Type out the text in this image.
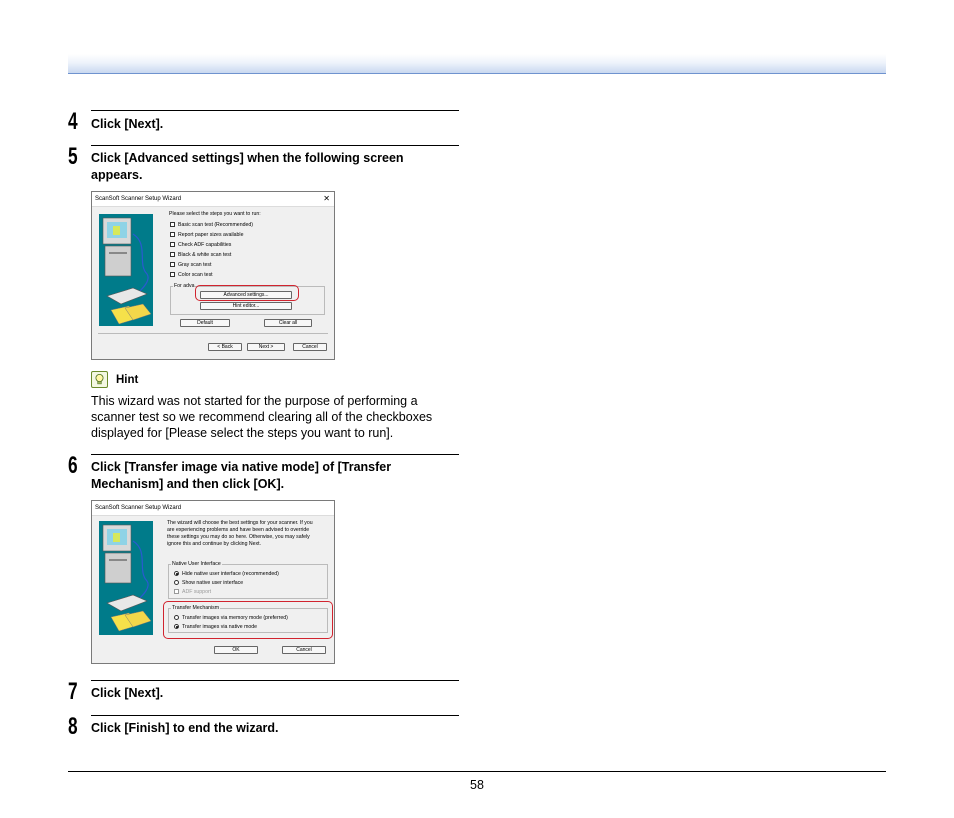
4 Click [Next].
5 Click [Advanced settings] when the following screen appears.
ScanSoft Scanner Setup Wizard	✕
Please select the steps you want to run:
Basic scan test (Recommended)
Report paper sizes available
Check ADF capabilities
Black & white scan test
Gray scan test
Color scan test
For adva
Advanced settings...
Hint editor...
Default	Clear all
< Back	Next >	Cancel
Hint
This wizard was not started for the purpose of performing a scanner test so we recommend clearing all of the checkboxes displayed for [Please select the steps you want to run].
6 Click [Transfer image via native mode] of [Transfer Mechanism] and then click [OK].
ScanSoft Scanner Setup Wizard
The wizard will choose the best settings for your scanner. If you
are experiencing problems and have been advised to override
these settings you may do so here. Otherwise, you may safely
ignore this and continue by clicking Next.
Native User Interface
Hide native user interface (recommended)
Show native user interface
ADF support
Transfer Mechanism
Transfer images via memory mode (preferred)
Transfer images via native mode
OK	Cancel
7 Click [Next].
8 Click [Finish] to end the wizard.
58
